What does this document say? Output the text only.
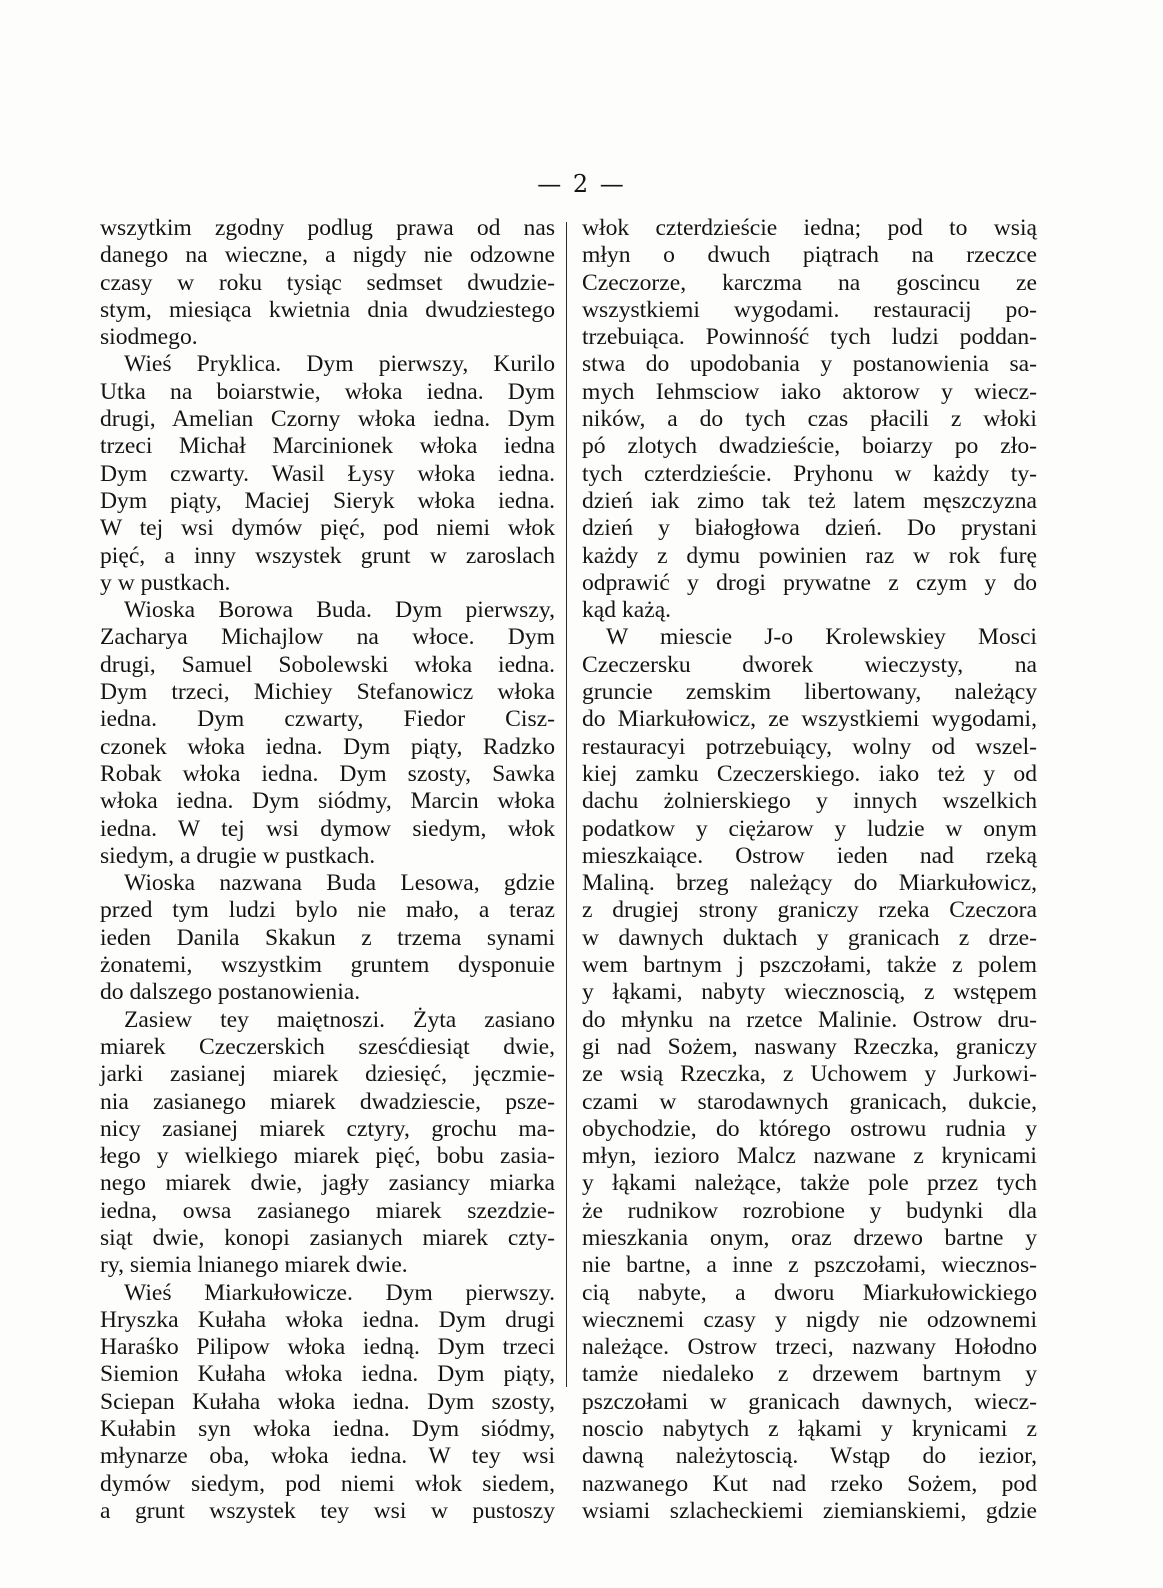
— 2 —
wszytkim zgodny podlug prawa od nas
danego na wieczne, a nigdy nie odzowne
czasy w roku tysiąc sedmset dwudzie-
stym, miesiąca kwietnia dnia dwudziestego
siodmego.
Wieś Pryklica. Dym pierwszy, Kurilo
Utka na boiarstwie, włoka iedna. Dym
drugi, Amelian Czorny włoka iedna. Dym
trzeci Michał Marcinionek włoka iedna
Dym czwarty. Wasil Łysy włoka iedna.
Dym piąty, Maciej Sieryk włoka iedna.
W tej wsi dymów pięć, pod niemi włok
pięć, a inny wszystek grunt w zaroslach
y w pustkach.
Wioska Borowa Buda. Dym pierwszy,
Zacharya Michajlow na włoce. Dym
drugi, Samuel Sobolewski włoka iedna.
Dym trzeci, Michiey Stefanowicz włoka
iedna. Dym czwarty, Fiedor Cisz-
czonek włoka iedna. Dym piąty, Radzko
Robak włoka iedna. Dym szosty, Sawka
włoka iedna. Dym siódmy, Marcin włoka
iedna. W tej wsi dymow siedym, włok
siedym, a drugie w pustkach.
Wioska nazwana Buda Lesowa, gdzie
przed tym ludzi bylo nie mało, a teraz
ieden Danila Skakun z trzema synami
żonatemi, wszystkim gruntem dysponuie
do dalszego postanowienia.
Zasiew tey maiętnoszi. Żyta zasiano
miarek Czeczerskich szesćdiesiąt dwie,
jarki zasianej miarek dziesięć, jęczmie-
nia zasianego miarek dwadziescie, psze-
nicy zasianej miarek cztyry, grochu ma-
łego y wielkiego miarek pięć, bobu zasia-
nego miarek dwie, jagły zasiancy miarka
iedna, owsa zasianego miarek szezdzie-
siąt dwie, konopi zasianych miarek czty-
ry, siemia lnianego miarek dwie.
Wieś Miarkułowicze. Dym pierwszy.
Hryszka Kułaha włoka iedna. Dym drugi
Haraśko Pilipow włoka iedną. Dym trzeci
Siemion Kułaha włoka iedna. Dym piąty,
Sciepan Kułaha włoka iedna. Dym szosty,
Kułabin syn włoka iedna. Dym siódmy,
młynarze oba, włoka iedna. W tey wsi
dymów siedym, pod niemi włok siedem,
a grunt wszystek tey wsi w pustoszy
włok czterdzieście iedna; pod to wsią
młyn o dwuch piątrach na rzeczce
Czeczorze, karczma na goscincu ze
wszystkiemi wygodami. restauracij po-
trzebuiąca. Powinność tych ludzi poddan-
stwa do upodobania y postanowienia sa-
mych Iehmsciow iako aktorow y wiecz-
ników, a do tych czas płacili z włoki
pó zlotych dwadzieście, boiarzy po zło-
tych czterdzieście. Pryhonu w każdy ty-
dzień iak zimo tak też latem męszczyzna
dzień y białogłowa dzień. Do prystani
każdy z dymu powinien raz w rok furę
odprawić y drogi prywatne z czym y do
kąd każą.
W miescie J-o Krolewskiey Mosci
Czeczersku dworek wieczysty, na
gruncie zemskim libertowany, należący
do Miarkułowicz, ze wszystkiemi wygodami,
restauracyi potrzebuiący, wolny od wszel-
kiej zamku Czeczerskiego. iako też y od
dachu żolnierskiego y innych wszelkich
podatkow y ciężarow y ludzie w onym
mieszkaiące. Ostrow ieden nad rzeką
Maliną. brzeg należący do Miarkułowicz,
z drugiej strony graniczy rzeka Czeczora
w dawnych duktach y granicach z drze-
wem bartnym j pszczołami, także z polem
y łąkami, nabyty wiecznoscią, z wstępem
do młynku na rzetce Malinie. Ostrow dru-
gi nad Sożem, naswany Rzeczka, graniczy
ze wsią Rzeczka, z Uchowem y Jurkowi-
czami w starodawnych granicach, dukcie,
obychodzie, do którego ostrowu rudnia y
młyn, iezioro Malcz nazwane z krynicami
y łąkami należące, także pole przez tych
że rudnikow rozrobione y budynki dla
mieszkania onym, oraz drzewo bartne y
nie bartne, a inne z pszczołami, wiecznos-
cią nabyte, a dworu Miarkułowickiego
wiecznemi czasy y nigdy nie odzownemi
należące. Ostrow trzeci, nazwany Hołodno
tamże niedaleko z drzewem bartnym y
pszczołami w granicach dawnych, wiecz-
noscio nabytych z łąkami y krynicami z
dawną należytoscią. Wstąp do iezior,
nazwanego Kut nad rzeko Sożem, pod
wsiami szlacheckiemi ziemianskiemi, gdzie
